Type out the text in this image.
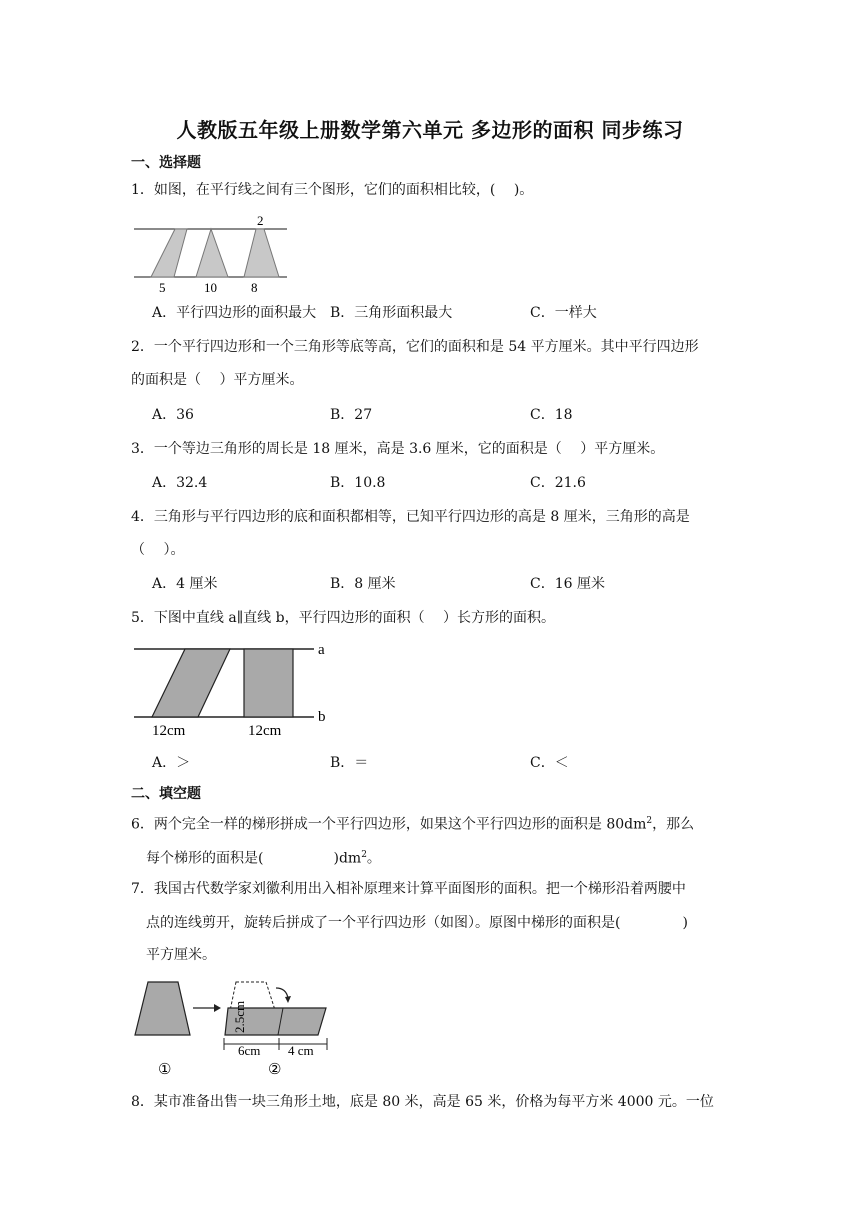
人教版五年级上册数学第六单元 多边形的面积 同步练习
一、选择题
1．如图，在平行线之间有三个图形，它们的面积相比较，(　 )。
2
5	10	8
A．平行四边形的面积最大 B．三角形面积最大	C．一样大
2．一个平行四边形和一个三角形等底等高，它们的面积和是 54 平方厘米。其中平行四边形
的面积是（　 ）平方厘米。
A．36	B．27	C．18
3．一个等边三角形的周长是 18 厘米，高是 3.6 厘米，它的面积是（　 ）平方厘米。
A．32.4	B．10.8	C．21.6
4．三角形与平行四边形的底和面积都相等，已知平行四边形的高是 8 厘米，三角形的高是
（　 ）。
A．4 厘米	B．8 厘米	C．16 厘米
5．下图中直线 a∥直线 b，平行四边形的面积（　 ）长方形的面积。
a
b
12cm	12cm
A．＞	B．＝	C．＜
二、填空题
6．两个完全一样的梯形拼成一个平行四边形，如果这个平行四边形的面积是 $80dm^2$，那么
每个梯形的面积是(	)$dm^2$。
7．我国古代数学家刘徽利用出入相补原理来计算平面图形的面积。把一个梯形沿着两腰中
点的连线剪开，旋转后拼成了一个平行四边形（如图）。原图中梯形的面积是(	)
平方厘米。
2.5cm
6cm 4 cm
①	②
8．某市准备出售一块三角形土地，底是 80 米，高是 65 米，价格为每平方米 4000 元。一位
